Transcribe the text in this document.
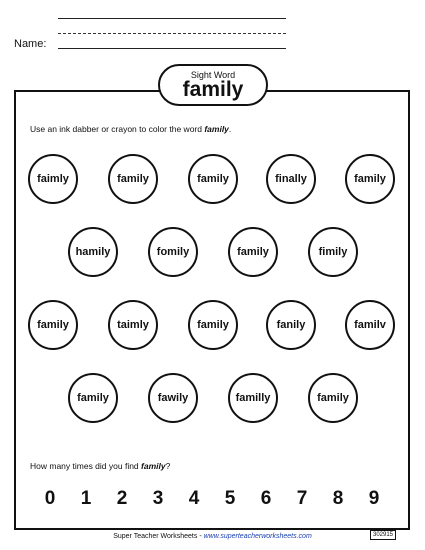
Name:
Sight Word
family
Use an ink dabber or crayon to color the word family.
faimly	family	family	finally	family
hamily	fomily	family	fimily
family	taimly	family	fanily	familv
family	fawily	familly	family
How many times did you find family?
0 1 2 3 4 5 6 7 8 9
Super Teacher Worksheets - www.superteacherworksheets.com	302915
